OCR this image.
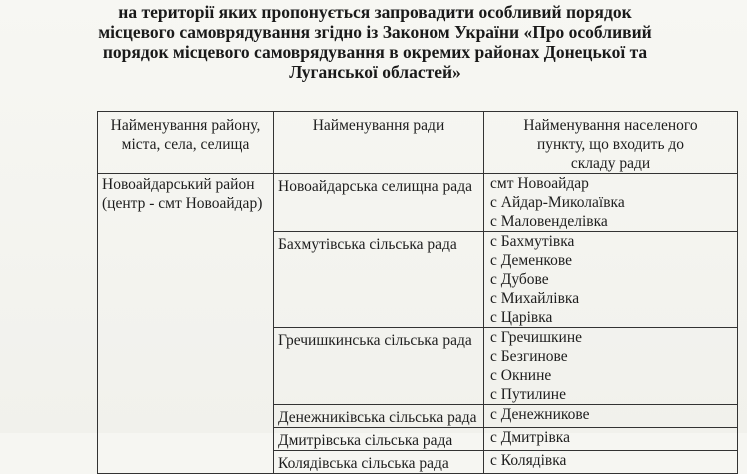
на території яких пропонується запровадити особливий порядок
місцевого самоврядування згідно із Законом України «Про особливий
порядок місцевого самоврядування в окремих районах Донецької та
Луганської областей»
Найменування району,
міста, села, селища	Найменування ради	Найменування населеного
пункту, що входить до
складу ради

Новоайдарський район
(центр - смт Новоайдар)	Новоайдарська селищна рада	смт Новоайдар
с Айдар-Миколаївка
с Маловенделівка

	Бахмутівська сільська рада	с Бахмутівка
с Деменкове
с Дубове
с Михайлівка
с Царівка

	Гречишкинська сільська рада	с Гречишкине
с Безгинове
с Окнине
с Путилине

	Денежниківська сільська рада	с Денежникове

	Дмитрівська сільська рада	с Дмитрівка

	Колядівська сільська рада	с Колядівка
